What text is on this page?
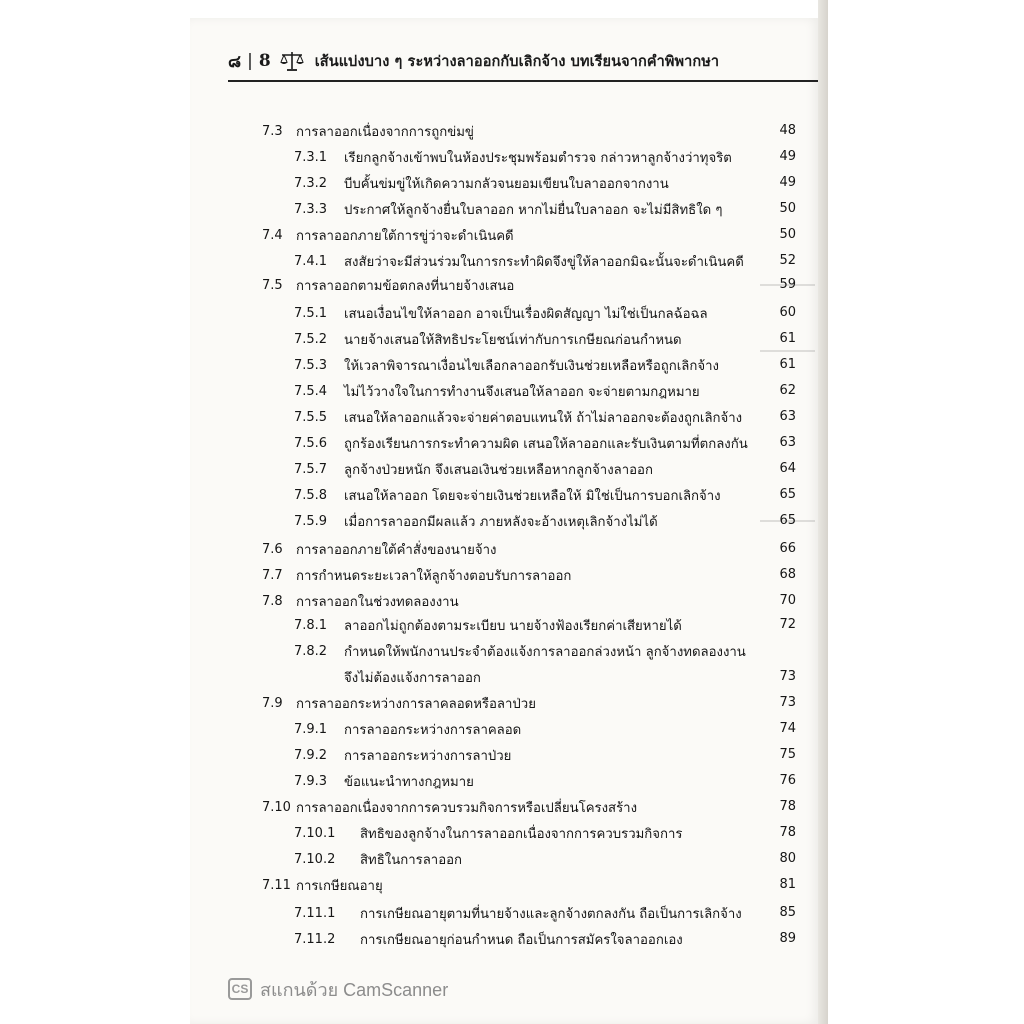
๘ | 8	เส้นแบ่งบาง ๆ ระหว่างลาออกกับเลิกจ้าง บทเรียนจากคำพิพากษา
7.3 การลาออกเนื่องจากการถูกข่มขู่	48
7.3.1 เรียกลูกจ้างเข้าพบในห้องประชุมพร้อมตำรวจ กล่าวหาลูกจ้างว่าทุจริต	49
7.3.2 บีบคั้นข่มขู่ให้เกิดความกลัวจนยอมเขียนใบลาออกจากงาน	49
7.3.3 ประกาศให้ลูกจ้างยื่นใบลาออก หากไม่ยื่นใบลาออก จะไม่มีสิทธิใด ๆ	50
7.4 การลาออกภายใต้การขู่ว่าจะดำเนินคดี	50
7.4.1 สงสัยว่าจะมีส่วนร่วมในการกระทำผิดจึงขู่ให้ลาออกมิฉะนั้นจะดำเนินคดี	52
7.5 การลาออกตามข้อตกลงที่นายจ้างเสนอ	59
7.5.1 เสนอเงื่อนไขให้ลาออก อาจเป็นเรื่องผิดสัญญา ไม่ใช่เป็นกลฉ้อฉล	60
7.5.2 นายจ้างเสนอให้สิทธิประโยชน์เท่ากับการเกษียณก่อนกำหนด	61
7.5.3 ให้เวลาพิจารณาเงื่อนไขเลือกลาออกรับเงินช่วยเหลือหรือถูกเลิกจ้าง	61
7.5.4 ไม่ไว้วางใจในการทำงานจึงเสนอให้ลาออก จะจ่ายตามกฎหมาย	62
7.5.5 เสนอให้ลาออกแล้วจะจ่ายค่าตอบแทนให้ ถ้าไม่ลาออกจะต้องถูกเลิกจ้าง	63
7.5.6 ถูกร้องเรียนการกระทำความผิด เสนอให้ลาออกและรับเงินตามที่ตกลงกัน	63
7.5.7 ลูกจ้างป่วยหนัก จึงเสนอเงินช่วยเหลือหากลูกจ้างลาออก	64
7.5.8 เสนอให้ลาออก โดยจะจ่ายเงินช่วยเหลือให้ มิใช่เป็นการบอกเลิกจ้าง	65
7.5.9 เมื่อการลาออกมีผลแล้ว ภายหลังจะอ้างเหตุเลิกจ้างไม่ได้	65
7.6 การลาออกภายใต้คำสั่งของนายจ้าง	66
7.7 การกำหนดระยะเวลาให้ลูกจ้างตอบรับการลาออก	68
7.8 การลาออกในช่วงทดลองงาน	70
7.8.1 ลาออกไม่ถูกต้องตามระเบียบ นายจ้างฟ้องเรียกค่าเสียหายได้	72
7.8.2 กำหนดให้พนักงานประจำต้องแจ้งการลาออกล่วงหน้า ลูกจ้างทดลองงาน
จึงไม่ต้องแจ้งการลาออก	73
7.9 การลาออกระหว่างการลาคลอดหรือลาป่วย	73
7.9.1 การลาออกระหว่างการลาคลอด	74
7.9.2 การลาออกระหว่างการลาป่วย	75
7.9.3 ข้อแนะนำทางกฎหมาย	76
7.10 การลาออกเนื่องจากการควบรวมกิจการหรือเปลี่ยนโครงสร้าง	78
7.10.1 สิทธิของลูกจ้างในการลาออกเนื่องจากการควบรวมกิจการ	78
7.10.2 สิทธิในการลาออก	80
7.11 การเกษียณอายุ	81
7.11.1 การเกษียณอายุตามที่นายจ้างและลูกจ้างตกลงกัน ถือเป็นการเลิกจ้าง	85
7.11.2 การเกษียณอายุก่อนกำหนด ถือเป็นการสมัครใจลาออกเอง	89
CS สแกนด้วย CamScanner
